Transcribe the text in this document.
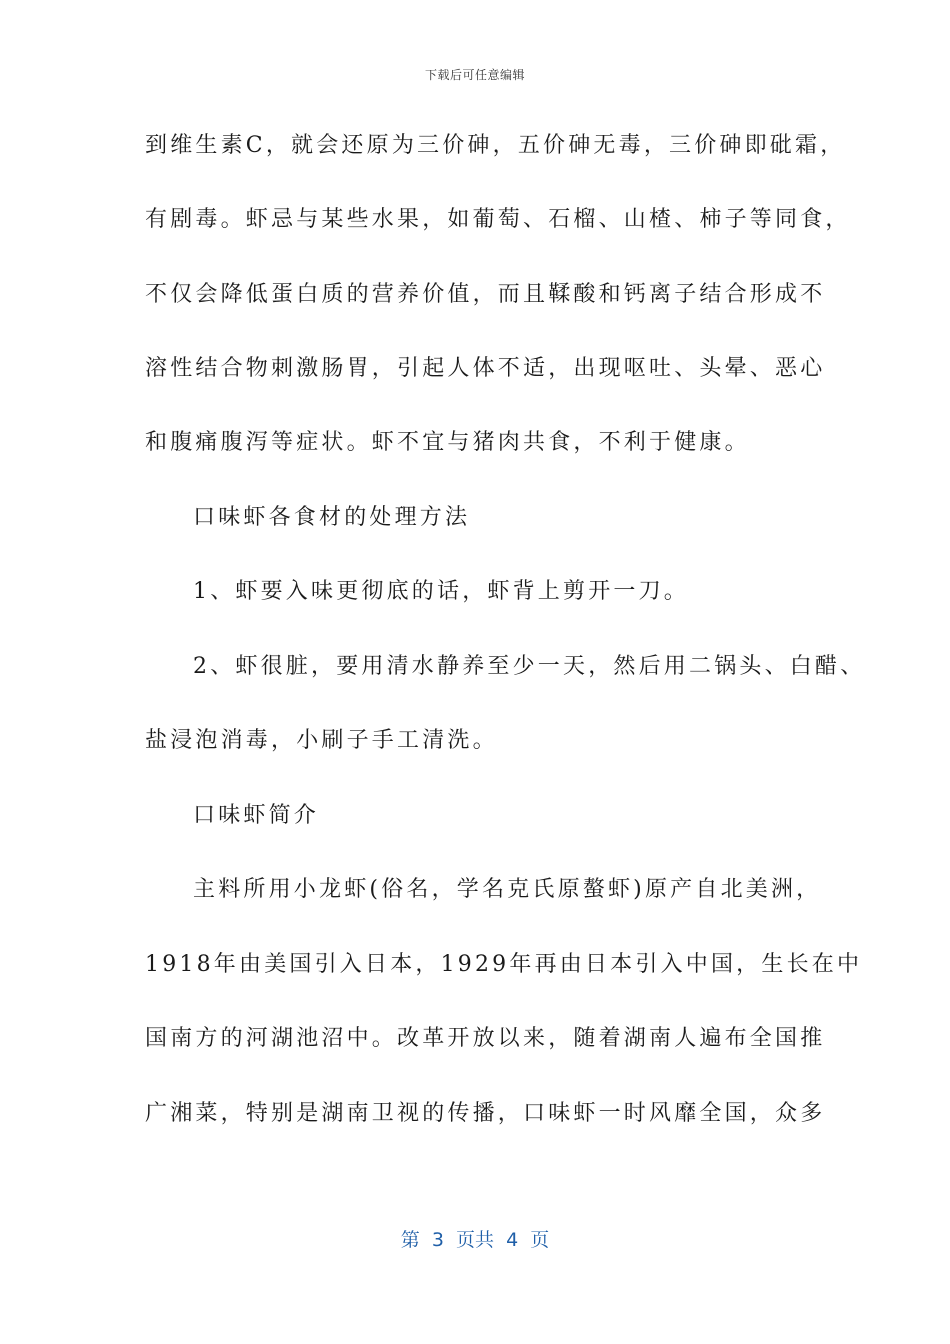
下载后可任意编辑
到维生素C，就会还原为三价砷，五价砷无毒，三价砷即砒霜，
有剧毒。虾忌与某些水果，如葡萄、石榴、山楂、柿子等同食，
不仅会降低蛋白质的营养价值，而且鞣酸和钙离子结合形成不
溶性结合物刺激肠胃，引起人体不适，出现呕吐、头晕、恶心
和腹痛腹泻等症状。虾不宜与猪肉共食，不利于健康。
口味虾各食材的处理方法
1、虾要入味更彻底的话，虾背上剪开一刀。
2、虾很脏，要用清水静养至少一天，然后用二锅头、白醋、
盐浸泡消毒，小刷子手工清洗。
口味虾简介
主料所用小龙虾(俗名，学名克氏原螯虾)原产自北美洲，
1918年由美国引入日本，1929年再由日本引入中国，生长在中
国南方的河湖池沼中。改革开放以来，随着湖南人遍布全国推
广湘菜，特别是湖南卫视的传播，口味虾一时风靡全国，众多
第  3  页共  4  页
